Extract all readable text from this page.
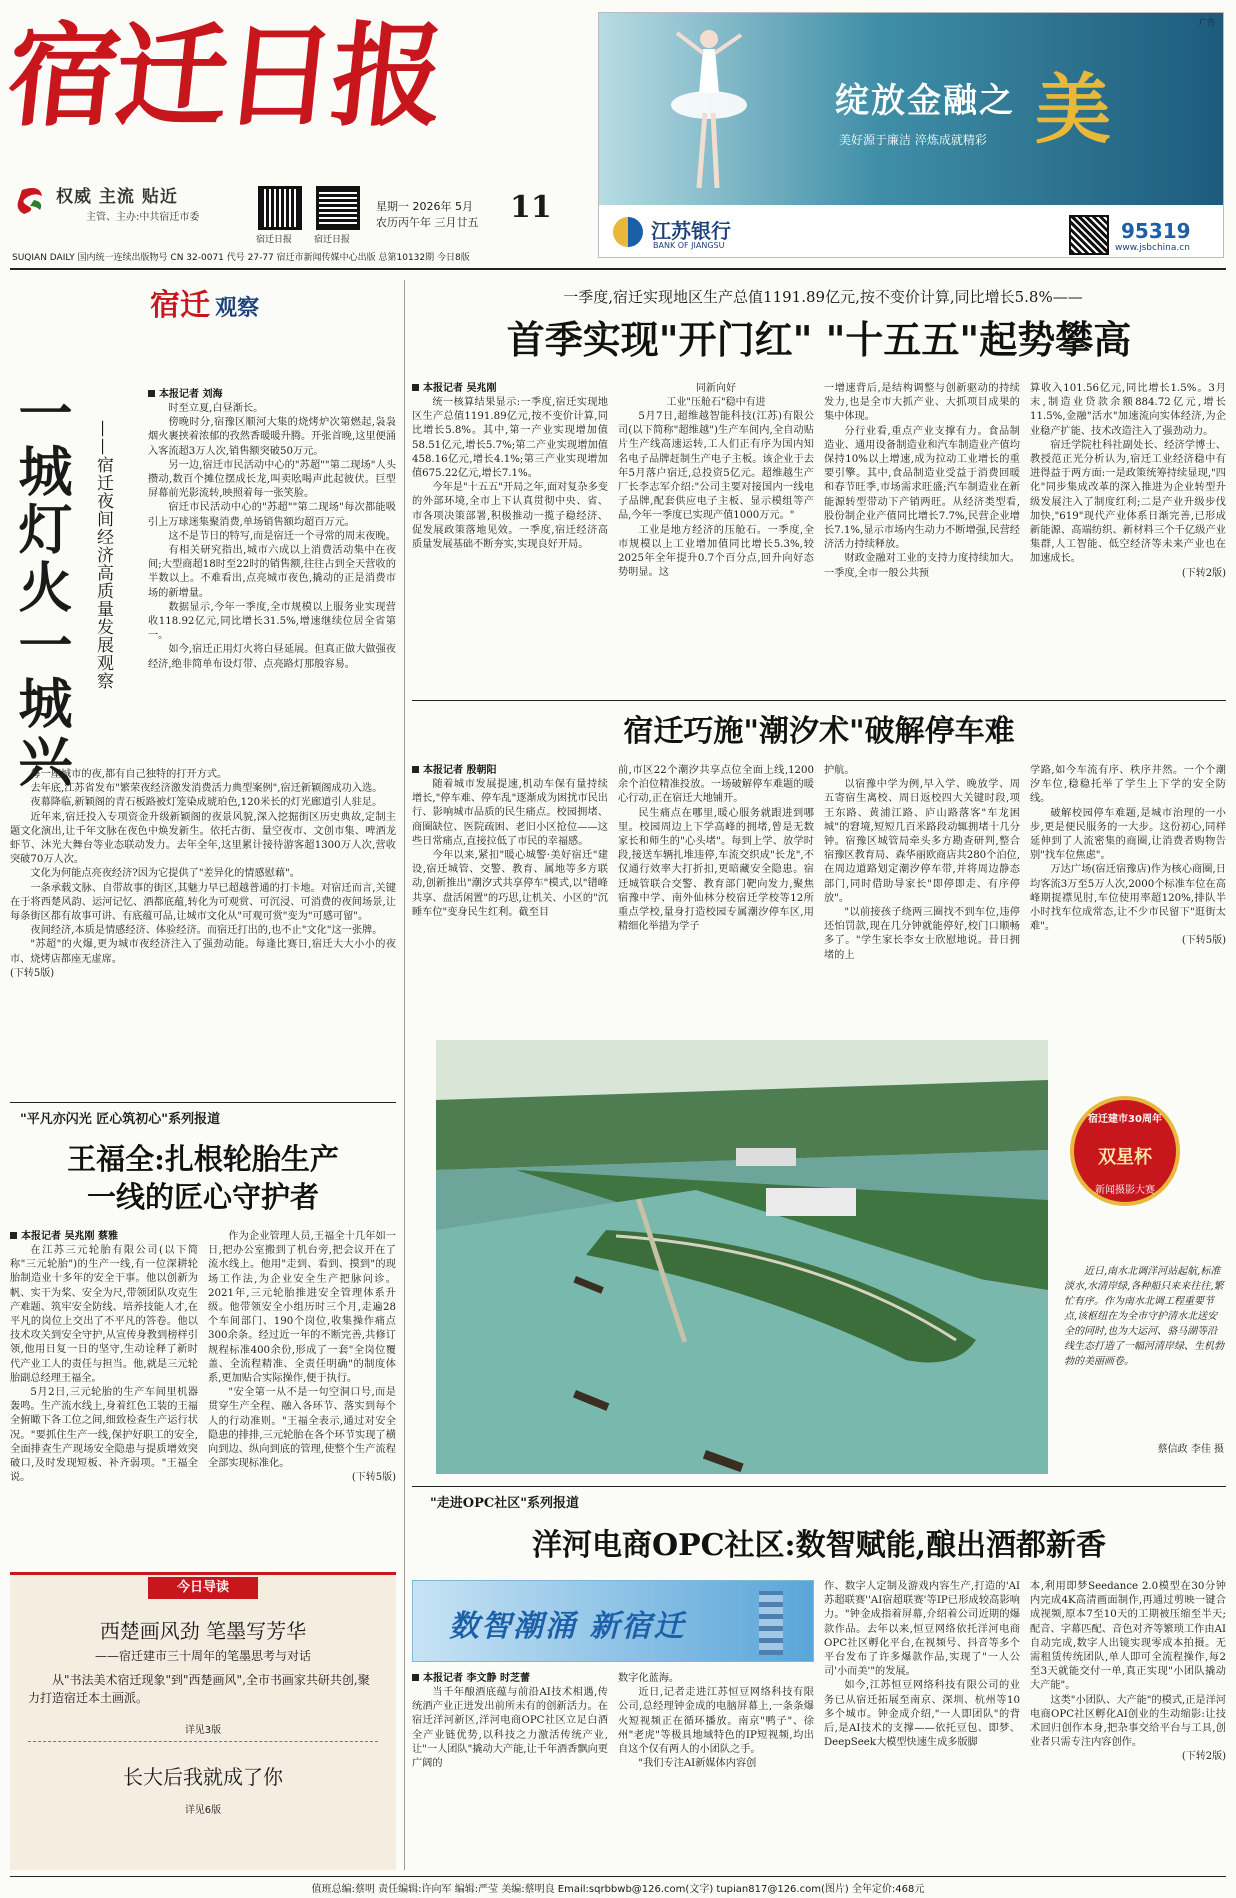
宿迁日报
权威 主流 贴近
主管、主办:中共宿迁市委
宿迁日报 宿迁日报
星期一 2026年 5月
农历丙午年 三月廿五 11
SUQIAN DAILY 国内统一连续出版物号 CN 32-0071 代号 27-77 宿迁市新闻传媒中心出版 总第10132期 今日8版
广告
绽放金融之 美
美好源于廉洁 淬炼成就精彩
江苏银行
BANK OF JIANGSU
95319
www.jsbchina.cn
宿迁 观察
一城灯火一城兴 ——宿迁夜间经济高质量发展观察
本报记者 刘海

时至立夏,白昼渐长。

傍晚时分,宿豫区顺河大集的烧烤炉次第燃起,袅袅烟火裹挟着浓郁的孜然香暖暖升腾。开张首晚,这里便涌入客流超3万人次,销售额突破50万元。

另一边,宿迁市民活动中心的"苏超""第二现场"人头攒动,数百个摊位摆成长龙,叫卖吆喝声此起彼伏。巨型屏幕前光影流转,映照着每一张笑脸。

宿迁市民活动中心的"苏超""第二现场"每次都能吸引上万球迷集聚消费,单场销售额均超百万元。

这不是节日的特写,而是宿迁一个寻常的周末夜晚。

有相关研究指出,城市六成以上消费活动集中在夜间;大型商超18时至22时的销售额,往往占到全天营收的半数以上。不难看出,点亮城市夜色,撬动的正是消费市场的新增量。

数据显示,今年一季度,全市规模以上服务业实现营收118.92亿元,同比增长31.5%,增速继续位居全省第一。

如今,宿迁正用灯火将白昼延展。但真正做大做强夜经济,绝非简单布设灯带、点亮路灯那般容易。

每一座城市的夜,都有自己独特的打开方式。

去年底,江苏省发布"繁荣夜经济激发消费活力典型案例",宿迁新颖阁成功入选。

夜幕降临,新颖阁的青石板路被灯笼染成琥珀色,120米长的灯光廊道引人驻足。

近年来,宿迁投入专项资金升级新颖阁的夜景风貌,深入挖掘街区历史典故,定制主题文化演出,让千年文脉在夜色中焕发新生。依托古街、量空夜市、文创市集、啤酒龙虾节、沐光大舞台等业态联动发力。去年全年,这里累计接待游客超1300万人次,营收突破70万人次。

文化为何能点亮夜经济?因为它提供了"差异化的情感慰藉"。

一条承载文脉、自带故事的街区,其魅力早已超越普通的打卡地。对宿迁而言,关键在于将西楚风韵、运河记忆、酒都底蕴,转化为可观赏、可沉浸、可消费的夜间场景,让每条街区都有故事可讲、有底蕴可品,让城市文化从"可观可赏"变为"可感可留"。

夜间经济,本质是情感经济、体验经济。而宿迁打出的,也不止"文化"这一张牌。

"苏超"的火爆,更为城市夜经济注入了强劲动能。每逢比赛日,宿迁大大小小的夜市、烧烤店都座无虚席。

(下转5版)
"平凡亦闪光 匠心筑初心"系列报道
王福全:扎根轮胎生产
一线的匠心守护者
本报记者 吴兆刚 蔡雅

在江苏三元轮胎有限公司(以下简称"三元轮胎")的生产一线,有一位深耕轮胎制造业十多年的安全干事。他以创新为帆、实干为桨、安全为尺,带领团队攻克生产难题、筑牢安全防线、培养技能人才,在平凡的岗位上交出了不平凡的答卷。他以技术攻关到安全守护,从宣传身教到榜样引领,他用日复一日的坚守,生动诠释了新时代产业工人的责任与担当。他,就是三元轮胎副总经理王福全。

5月2日,三元轮胎的生产车间里机器轰鸣。生产流水线上,身着红色工装的王福全俯瞰下各工位之间,细致检查生产运行状况。"要抓住生产一线,保护好职工的安全,全面排查生产现场安全隐患与提质增效突破口,及时发现短板、补齐弱项。"王福全说。

作为企业管理人员,王福全十几年如一日,把办公室搬到了机台旁,把会议开在了流水线上。他用"走到、看到、摸到"的现场工作法,为企业安全生产把脉问诊。2021年,三元轮胎推进安全管理体系升级。他带领安全小组历时三个月,走遍28个车间部门、190个岗位,收集操作痛点300余条。经过近一年的不断完善,共修订规程标准400余份,形成了一套"全岗位覆盖、全流程精准、全责任明确"的制度体系,更加贴合实际操作,便于执行。

"安全第一从不是一句空洞口号,而是贯穿生产全程、融入各环节、落实到每个人的行动准则。"王福全表示,通过对安全隐患的排排,三元轮胎在各个环节实现了横向到边、纵向到底的管理,使整个生产流程全部实现标准化。

(下转5版)
今日导读
西楚画风劲 笔墨写芳华
——宿迁建市三十周年的笔墨思考与对话
从"书法美术宿迁现象"到"西楚画风",全市书画家共研共创,聚力打造宿迁本土画派。
详见3版
长大后我就成了你
详见6版
一季度,宿迁实现地区生产总值1191.89亿元,按不变价计算,同比增长5.8%——
首季实现"开门红" "十五五"起势攀高
本报记者 吴兆刚

统一核算结果显示:一季度,宿迁实现地区生产总值1191.89亿元,按不变价计算,同比增长5.8%。其中,第一产业实现增加值58.51亿元,增长5.7%;第二产业实现增加值458.16亿元,增长4.1%;第三产业实现增加值675.22亿元,增长7.1%。

今年是"十五五"开局之年,面对复杂多变的外部环境,全市上下认真贯彻中央、省、市各项决策部署,积极推动一揽子稳经济、促发展政策落地见效。一季度,宿迁经济高质量发展基础不断夯实,实现良好开局。

同新向好
工业"压舱石"稳中有进

5月7日,超维越智能科技(江苏)有限公司(以下简称"超维越")生产车间内,全自动贴片生产线高速运转,工人们正有序为国内知名电子品牌赶制生产电子主板。该企业于去年5月落户宿迁,总投资5亿元。超维越生产厂长李志军介绍:"公司主要对接国内一线电子品牌,配套供应电子主板、显示模组等产品,今年一季度已实现产值1000万元。"

工业是地方经济的压舱石。一季度,全市规模以上工业增加值同比增长5.3%,较2025年全年提升0.7个百分点,回升向好态势明显。这

一增速背后,是结构调整与创新驱动的持续发力,也是全市大抓产业、大抓项目成果的集中体现。

分行业看,重点产业支撑有力。食品制造业、通用设备制造业和汽车制造业产值均保持10%以上增速,成为拉动工业增长的重要引擎。其中,食品制造业受益于消费回暖和春节旺季,市场需求旺盛;汽车制造业在新能源转型带动下产销两旺。从经济类型看,股份制企业产值同比增长7.7%,民营企业增长7.1%,显示市场内生动力不断增强,民营经济活力持续释放。

财政金融对工业的支持力度持续加大。一季度,全市一般公共预

算收入101.56亿元,同比增长1.5%。3月末,制造业贷款余额884.72亿元,增长11.5%,金融"活水"加速流向实体经济,为企业稳产扩能、技术改造注入了强劲动力。

宿迁学院杜科社副处长、经济学博士、教授范正光分析认为,宿迁工业经济稳中有进得益于两方面:一是政策统筹持续显现,"四化"同步集成改革的深入推进为企业转型升级发展注入了制度红利;二是产业升级步伐加快,"619"现代产业体系日渐完善,已形成新能源、高端纺织、新材料三个千亿级产业集群,人工智能、低空经济等未来产业也在加速成长。

(下转2版)
宿迁巧施"潮汐术"破解停车难
本报记者 殷朝阳

随着城市发展提速,机动车保有量持续增长,"停车难、停车乱"逐渐成为困扰市民出行、影响城市品质的民生痛点。校园拥堵、商圈缺位、医院疏困、老旧小区抢位——这些日常痛点,直接拉低了市民的幸福感。

今年以来,紧扣"暖心城警·美好宿迁"建设,宿迁城管、交警、教育、属地等多方联动,创新推出"潮汐式共享停车"模式,以"错峰共享、盘活闲置"的巧思,让机关、小区的"沉睡车位"变身民生红利。截至目

前,市区22个潮汐共享点位全面上线,1200余个泊位精准投放。一场破解停车难题的暖心行动,正在宿迁大地铺开。

民生痛点在哪里,暖心服务就跟进到哪里。校园周边上下学高峰的拥堵,曾是无数家长和师生的"心头堵"。每到上学、放学时段,接送车辆扎堆违停,车流交织成"长龙",不仅通行效率大打折扣,更暗藏安全隐患。宿迁城管联合交警、教育部门靶向发力,聚焦宿豫中学、南外仙林分校宿迁学校等12所重点学校,量身打造校园专属潮汐停车区,用精细化举措为学子

护航。

以宿豫中学为例,早入学、晚放学、周五寄宿生离校、周日返校四大关键时段,项王东路、黄浦江路、庐山路落客"车龙困城"的窘境,短短几百米路段动辄拥堵十几分钟。宿豫区城管局牵头多方勘查研判,整合宿豫区教育局、森华丽欧商店共280个泊位,在周边道路划定潮汐停车带,并将周边静态部门,同时借助导家长"即停即走、有序停放"。

"以前接孩子绕两三圈找不到车位,违停还怕罚款,现在几分钟就能停好,校门口顺畅多了。"学生家长李女士欣慰地说。昔日拥堵的上

学路,如今车流有序、秩序井然。一个个潮汐车位,稳稳托举了学生上下学的安全防线。

破解校园停车难题,是城市治理的一小步,更是便民服务的一大步。这份初心,同样延伸到了人流密集的商圈,让消费者购物告别"找车位焦虑"。

万达广场(宿迁宿豫店)作为核心商圈,日均客流3万至5万人次,2000个标准车位在高峰期捉襟见肘,车位使用率超120%,排队半小时找车位成常态,让不少市民留下"逛街太难"。

(下转5版)
宿迁建市30周年
双星杯
新闻摄影大赛
近日,南水北调洋河站起航,标准淡水,水清岸绿,各种船只来来往往,繁忙有序。作为南水北调工程重要节点,该枢纽在为全市守护清水北送安全的同时,也为大运河、骆马湖等沿线生态打造了一幅河清岸绿、生机勃勃的美丽画卷。
蔡信政 李佳 摄
"走进OPC社区"系列报道
洋河电商OPC社区:数智赋能,酿出酒都新香
数智潮涌 新宿迁
本报记者 李文静 时芝蕾

当千年酿酒底蕴与前沿AI技术相遇,传统酒产业正迸发出前所未有的创新活力。在宿迁洋河新区,洋河电商OPC社区立足白酒全产业链优势,以科技之力激活传统产业,让"一人团队"撬动大产能,让千年酒香飘向更广阔的

数字化蓝海。

近日,记者走进江苏恒豆网络科技有限公司,总经理钟金成的电脑屏幕上,一条条爆火短视频正在循环播放。南京"鸭子"、徐州"老虎"等极具地域特色的IP短视频,均出自这个仅有两人的小团队之手。

"我们专注AI新媒体内容创

作、数字人定制及游戏内容生产,打造的'AI苏超联赛''AI宿超联赛'等IP已形成较高影响力。"钟金成指着屏幕,介绍着公司近期的爆款作品。去年以来,恒豆网络依托洋河电商OPC社区孵化平台,在视频号、抖音等多个平台发布了许多爆款作品,实现了"一人公司'小而美'"的发展。

如今,江苏恒豆网络科技有限公司的业务已从宿迁拓展至南京、深圳、杭州等10多个城市。钟金成介绍,"一人即团队"的背后,是AI技术的支撑——依托豆包、即梦、DeepSeek大模型快速生成多版脚

本,利用即梦Seedance 2.0模型在30分钟内完成4K高清画面制作,再通过剪映一键合成视频,原本7至10天的工期被压缩至半天;配音、字幕匹配、音色对齐等繁琐工作由AI自动完成,数字人出镜实现零成本拍摄。无需租赁传统团队,单人即可全流程操作,每2至3天就能交付一单,真正实现"小团队撬动大产能"。

这类"小团队、大产能"的模式,正是洋河电商OPC社区孵化AI创业的生动缩影:让技术回归创作本身,把杂事交给平台与工具,创业者只需专注内容创作。

(下转2版)
值班总编:蔡明 责任编辑:许向军 编辑:严莹 美编:蔡明良 Email:sqrbbwb@126.com(文字) tupian817@126.com(图片) 全年定价:468元
